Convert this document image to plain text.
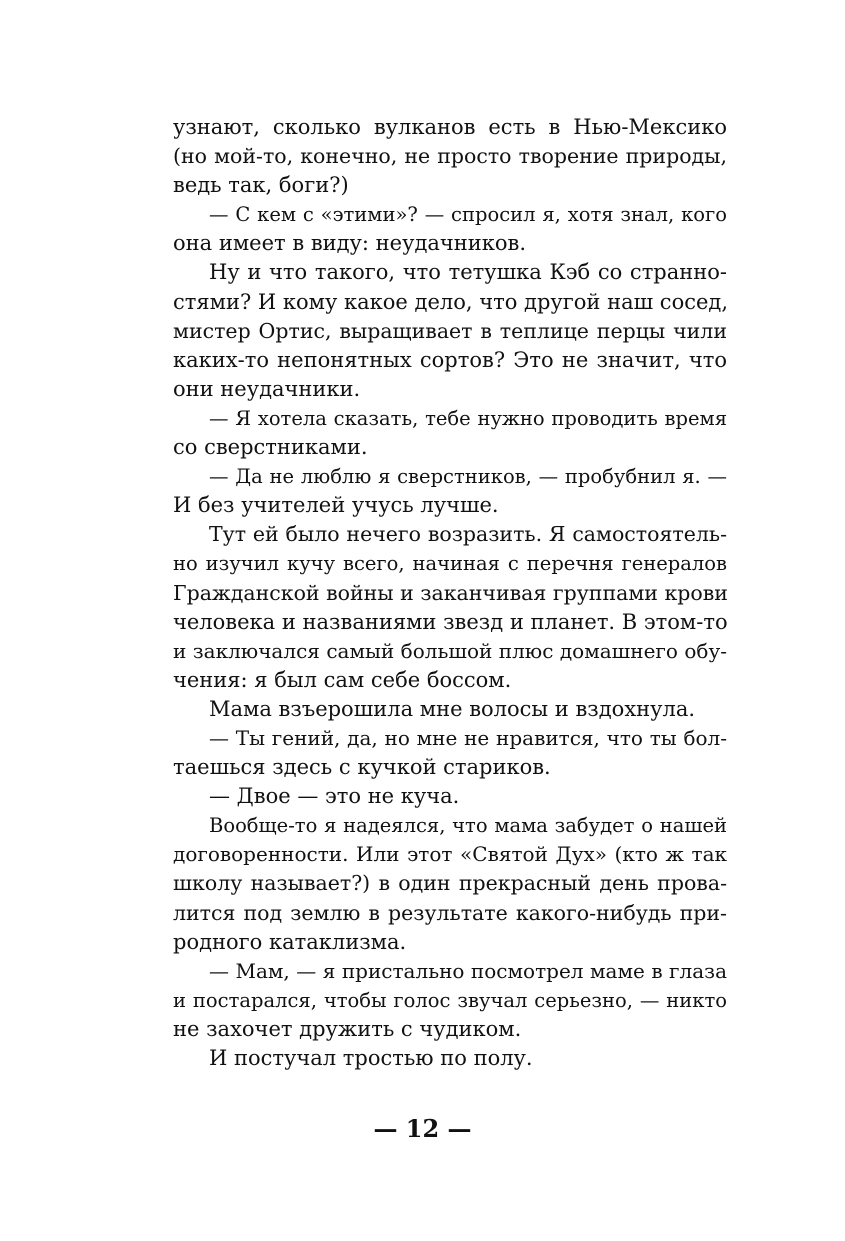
узнают, сколько вулканов есть в Нью-Мексико
(но мой-то, конечно, не просто творение природы,
ведь так, боги?)
— С кем с «этими»? — спросил я, хотя знал, кого
она имеет в виду: неудачников.
Ну и что такого, что тетушка Кэб со странно-
стями? И кому какое дело, что другой наш сосед,
мистер Ортис, выращивает в теплице перцы чили
каких-то непонятных сортов? Это не значит, что
они неудачники.
— Я хотела сказать, тебе нужно проводить время
со сверстниками.
— Да не люблю я сверстников, — пробубнил я. —
И без учителей учусь лучше.
Тут ей было нечего возразить. Я самостоятель-
но изучил кучу всего, начиная с перечня генералов
Гражданской войны и заканчивая группами крови
человека и названиями звезд и планет. В этом-то
и заключался самый большой плюс домашнего обу-
чения: я был сам себе боссом.
Мама взъерошила мне волосы и вздохнула.
— Ты гений, да, но мне не нравится, что ты бол-
таешься здесь с кучкой стариков.
— Двое — это не куча.
Вообще-то я надеялся, что мама забудет о нашей
договоренности. Или этот «Святой Дух» (кто ж так
школу называет?) в один прекрасный день прова-
лится под землю в результате какого-нибудь при-
родного катаклизма.
— Мам, — я пристально посмотрел маме в глаза
и постарался, чтобы голос звучал серьезно, — никто
не захочет дружить с чудиком.
И постучал тростью по полу.
— 12 —
